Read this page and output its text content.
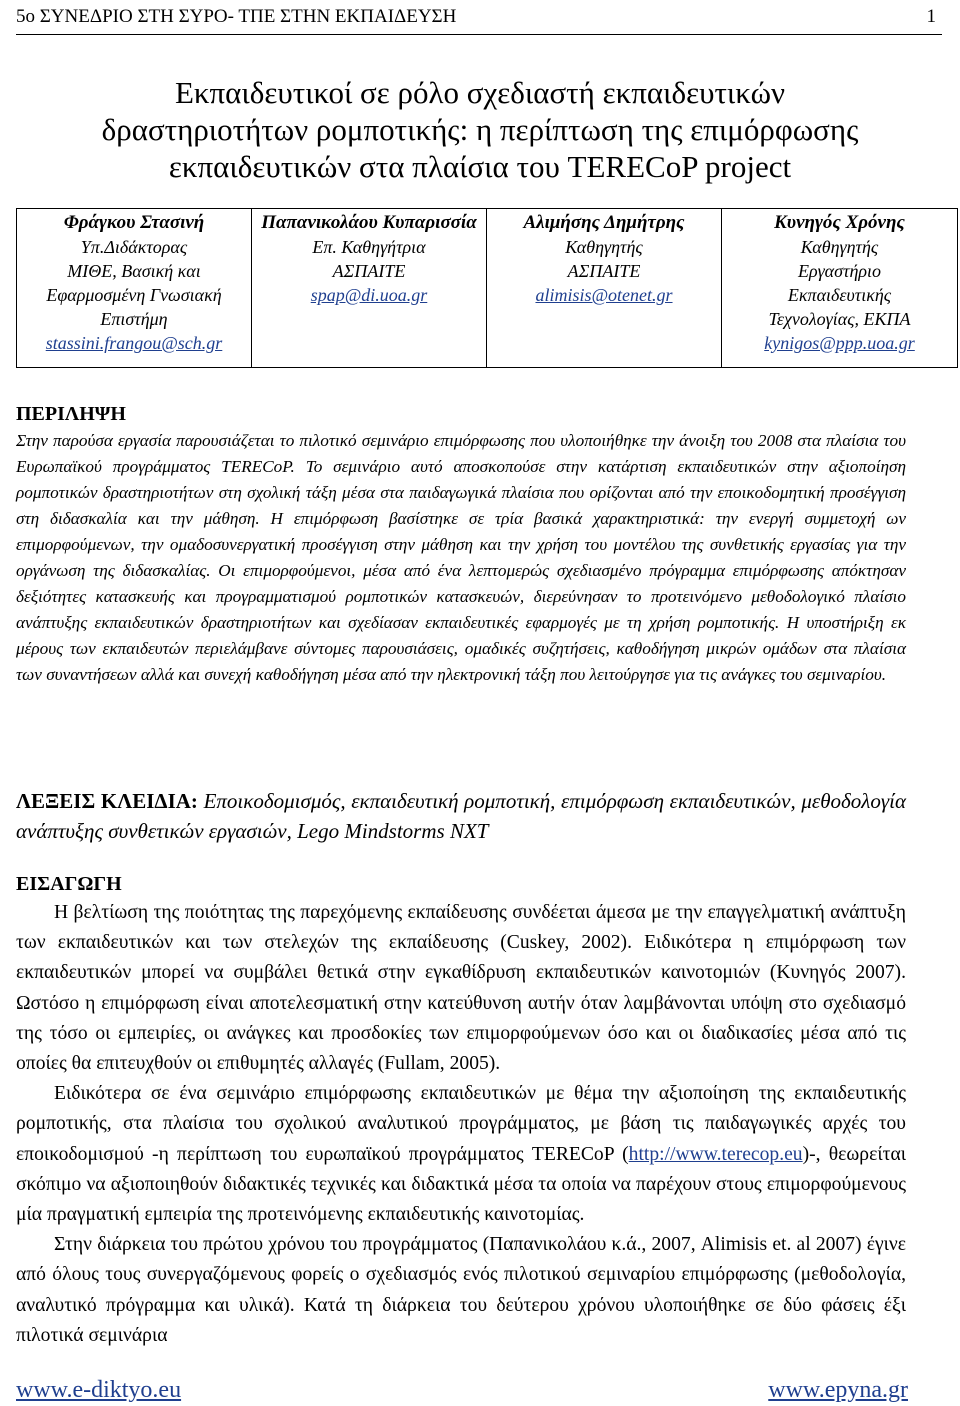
5ο ΣΥΝΕΔΡΙΟ ΣΤΗ ΣΥΡΟ- ΤΠΕ ΣΤΗΝ ΕΚΠΑΙΔΕΥΣΗ	1
Εκπαιδευτικοί σε ρόλο σχεδιαστή εκπαιδευτικών
δραστηριοτήτων ρομποτικής: η περίπτωση της επιμόρφωσης
εκπαιδευτικών στα πλαίσια του TERECoP project
Φράγκου Στασινή
Υπ.Διδάκτορας
ΜΙΘΕ, Βασική και
Εφαρμοσμένη Γνωσιακή
Επιστήμη
stassini.frangou@sch.gr
Παπανικολάου Κυπαρισσία
Επ. Καθηγήτρια
ΑΣΠΑΙΤΕ
spap@di.uoa.gr
Αλιμήσης Δημήτρης
Καθηγητής
ΑΣΠΑΙΤΕ
alimisis@otenet.gr
Κυνηγός Χρόνης
Καθηγητής
Εργαστήριο
Εκπαιδευτικής
Τεχνολογίας, ΕΚΠΑ
kynigos@ppp.uoa.gr
ΠΕΡΙΛΗΨΗ
Στην παρούσα εργασία παρουσιάζεται το πιλοτικό σεμινάριο επιμόρφωσης που υλοποιήθηκε την άνοιξη του 2008 στα πλαίσια του Ευρωπαϊκού προγράμματος TERECoP. Το σεμινάριο αυτό αποσκοπούσε στην κατάρτιση εκπαιδευτικών στην αξιοποίηση ρομποτικών δραστηριοτήτων στη σχολική τάξη μέσα στα παιδαγωγικά πλαίσια που ορίζονται από την εποικοδομητική προσέγγιση στη διδασκαλία και την μάθηση. Η επιμόρφωση βασίστηκε σε τρία βασικά χαρακτηριστικά: την ενεργή συμμετοχή ων επιμορφούμενων, την ομαδοσυνεργατική προσέγγιση στην μάθηση και την χρήση του μοντέλου της συνθετικής εργασίας για την οργάνωση της διδασκαλίας. Οι επιμορφούμενοι, μέσα από ένα λεπτομερώς σχεδιασμένο πρόγραμμα επιμόρφωσης απόκτησαν δεξιότητες κατασκευής και προγραμματισμού ρομποτικών κατασκευών, διερεύνησαν το προτεινόμενο μεθοδολογικό πλαίσιο ανάπτυξης εκπαιδευτικών δραστηριοτήτων και σχεδίασαν εκπαιδευτικές εφαρμογές με τη χρήση ρομποτικής. Η υποστήριξη εκ μέρους των εκπαιδευτών περιελάμβανε σύντομες παρουσιάσεις, ομαδικές συζητήσεις, καθοδήγηση μικρών ομάδων στα πλαίσια των συναντήσεων αλλά και συνεχή καθοδήγηση μέσα από την ηλεκτρονική τάξη που λειτούργησε για τις ανάγκες του σεμιναρίου.
ΛΕΞΕΙΣ ΚΛΕΙΔΙΑ: Εποικοδομισμός, εκπαιδευτική ρομποτική, επιμόρφωση εκπαιδευτικών, μεθοδολογία ανάπτυξης συνθετικών εργασιών, Lego Mindstorms NXT
ΕΙΣΑΓΩΓΗ

Η βελτίωση της ποιότητας της παρεχόμενης εκπαίδευσης συνδέεται άμεσα με την επαγγελματική ανάπτυξη των εκπαιδευτικών και των στελεχών της εκπαίδευσης (Cuskey, 2002). Ειδικότερα η επιμόρφωση των εκπαιδευτικών μπορεί να συμβάλει θετικά στην εγκαθίδρυση εκπαιδευτικών καινοτομιών (Κυνηγός 2007). Ωστόσο η επιμόρφωση είναι αποτελεσματική στην κατεύθυνση αυτήν όταν λαμβάνονται υπόψη στο σχεδιασμό της τόσο οι εμπειρίες, οι ανάγκες και προσδοκίες των επιμορφούμενων όσο και οι διαδικασίες μέσα από τις οποίες θα επιτευχθούν οι επιθυμητές αλλαγές (Fullam, 2005).

Ειδικότερα σε ένα σεμινάριο επιμόρφωσης εκπαιδευτικών με θέμα την αξιοποίηση της εκπαιδευτικής ρομποτικής, στα πλαίσια του σχολικού αναλυτικού προγράμματος, με βάση τις παιδαγωγικές αρχές του εποικοδομισμού -η περίπτωση του ευρωπαϊκού προγράμματος TERECoP (http://www.terecop.eu)-, θεωρείται σκόπιμο να αξιοποιηθούν διδακτικές τεχνικές και διδακτικά μέσα τα οποία να παρέχουν στους επιμορφούμενους μία πραγματική εμπειρία της προτεινόμενης εκπαιδευτικής καινοτομίας.

Στην διάρκεια του πρώτου χρόνου του προγράμματος (Παπανικολάου κ.ά., 2007, Alimisis et. al 2007) έγινε από όλους τους συνεργαζόμενους φορείς ο σχεδιασμός ενός πιλοτικού σεμιναρίου επιμόρφωσης (μεθοδολογία, αναλυτικό πρόγραμμα και υλικά). Κατά τη διάρκεια του δεύτερου χρόνου υλοποιήθηκε σε δύο φάσεις έξι πιλοτικά σεμινάρια

www.e-diktyo.eu	www.epyna.gr
